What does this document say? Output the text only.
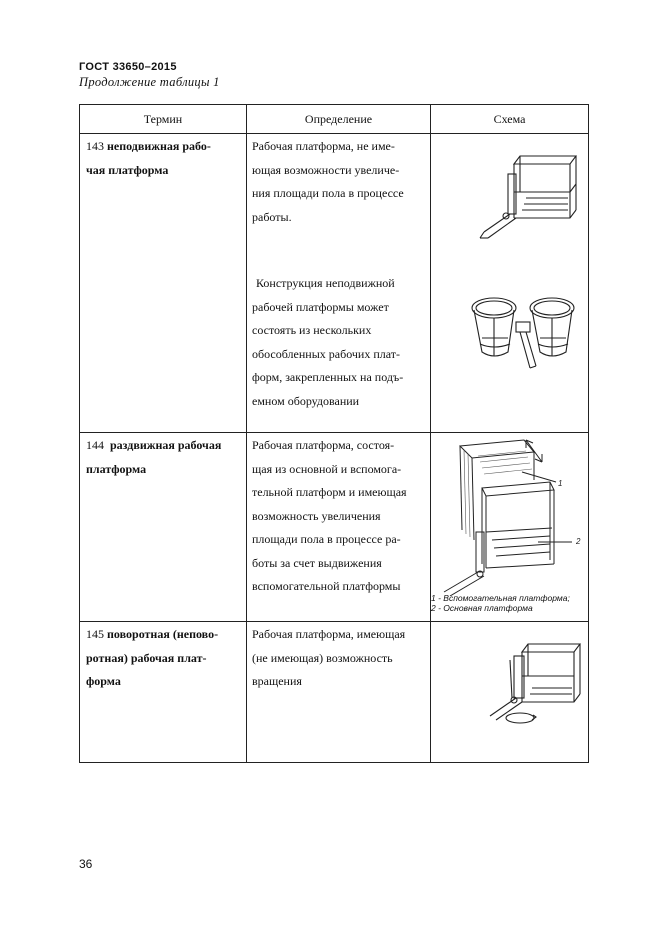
ГОСТ 33650–2015
Продолжение таблицы 1
Термин	Определение	Схема
143 неподвижная рабо-
чая платформа
Рабочая платформа, не име-
ющая возможности увеличе-
ния площади пола в процессе
работы.
Конструкция неподвижной
рабочей платформы может
состоять из нескольких
обособленных рабочих плат-
форм, закрепленных на подъ-
емном оборудовании
144 раздвижная рабочая
платформа
Рабочая платформа, состоя-
щая из основной и вспомога-
тельной платформ и имеющая
возможность увеличения
площади пола в процессе ра-
боты за счет выдвижения
вспомогательной платформы
1
2
1 - Вспомогательная платформа;
2 - Основная платформа
145 поворотная (непово-
ротная) рабочая плат-
форма
Рабочая платформа, имеющая
(не имеющая) возможность
вращения
36
